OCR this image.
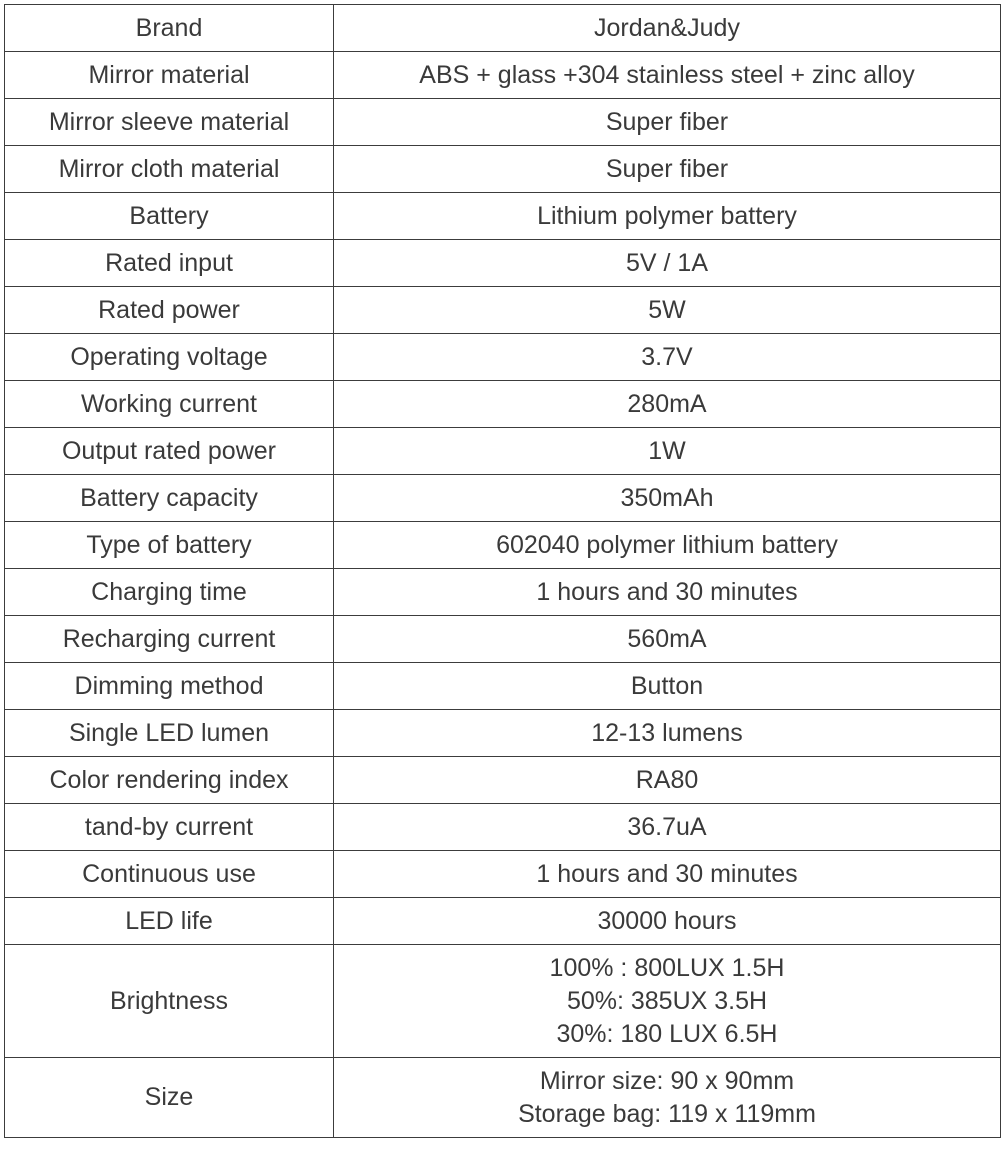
Brand	Jordan&Judy
Mirror material	ABS + glass +304 stainless steel + zinc alloy
Mirror sleeve material	Super fiber
Mirror cloth material	Super fiber
Battery	Lithium polymer battery
Rated input	5V / 1A
Rated power	5W
Operating voltage	3.7V
Working current	280mA
Output rated power	1W
Battery capacity	350mAh
Type of battery	602040 polymer lithium battery
Charging time	1 hours and 30 minutes
Recharging current	560mA
Dimming method	Button
Single LED lumen	12-13 lumens
Color rendering index	RA80
tand-by current	36.7uA
Continuous use	1 hours and 30 minutes
LED life	30000 hours
Brightness	100% : 800LUX 1.5H
50%: 385UX 3.5H
30%: 180 LUX 6.5H

Size	Mirror size: 90 x 90mm
Storage bag: 119 x 119mm
